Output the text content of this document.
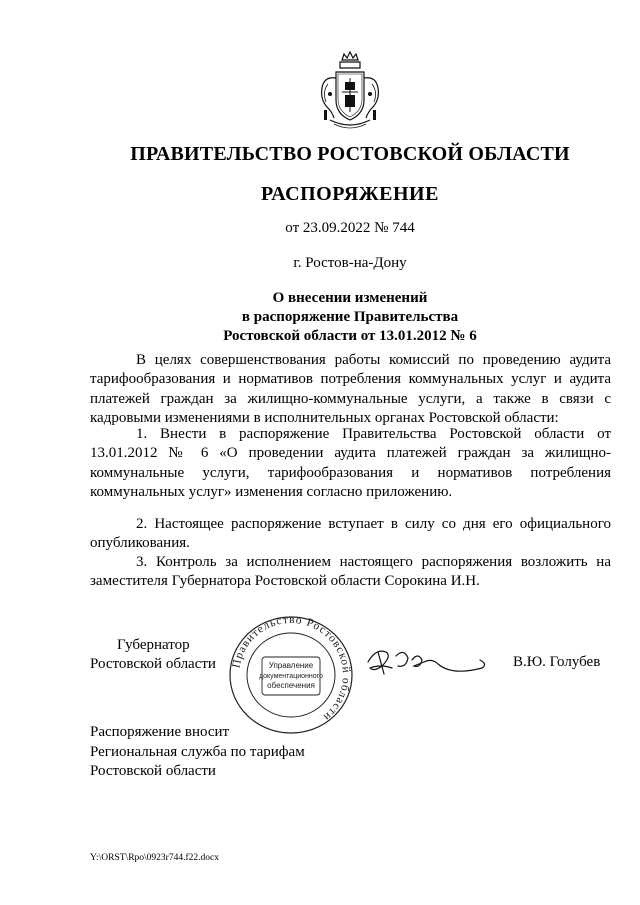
ПРАВИТЕЛЬСТВО РОСТОВСКОЙ ОБЛАСТИ
РАСПОРЯЖЕНИЕ
от 23.09.2022 № 744
г. Ростов-на-Дону
О внесении изменений
в распоряжение Правительства
Ростовской области от 13.01.2012 № 6

В целях совершенствования работы комиссий по проведению аудита тарифообразования и нормативов потребления коммунальных услуг и аудита платежей граждан за жилищно-коммунальные услуги, а также в связи с кадровыми изменениями в исполнительных органах Ростовской области:

1. Внести в распоряжение Правительства Ростовской области от 13.01.2012 № 6 «О проведении аудита платежей граждан за жилищно-коммунальные услуги, тарифообразования и нормативов потребления коммунальных услуг» изменения согласно приложению.

2. Настоящее распоряжение вступает в силу со дня его официального опубликования.

3. Контроль за исполнением настоящего распоряжения возложить на заместителя Губернатора Ростовской области Сорокина И.Н.

Губернатор
Ростовской области Правительство Ростовской области
Управление
документационного
обеспечения
В.Ю. Голубев
Распоряжение вносит
Региональная служба по тарифам
Ростовской области
Y:\ORST\Rpo\0923r744.f22.docx
